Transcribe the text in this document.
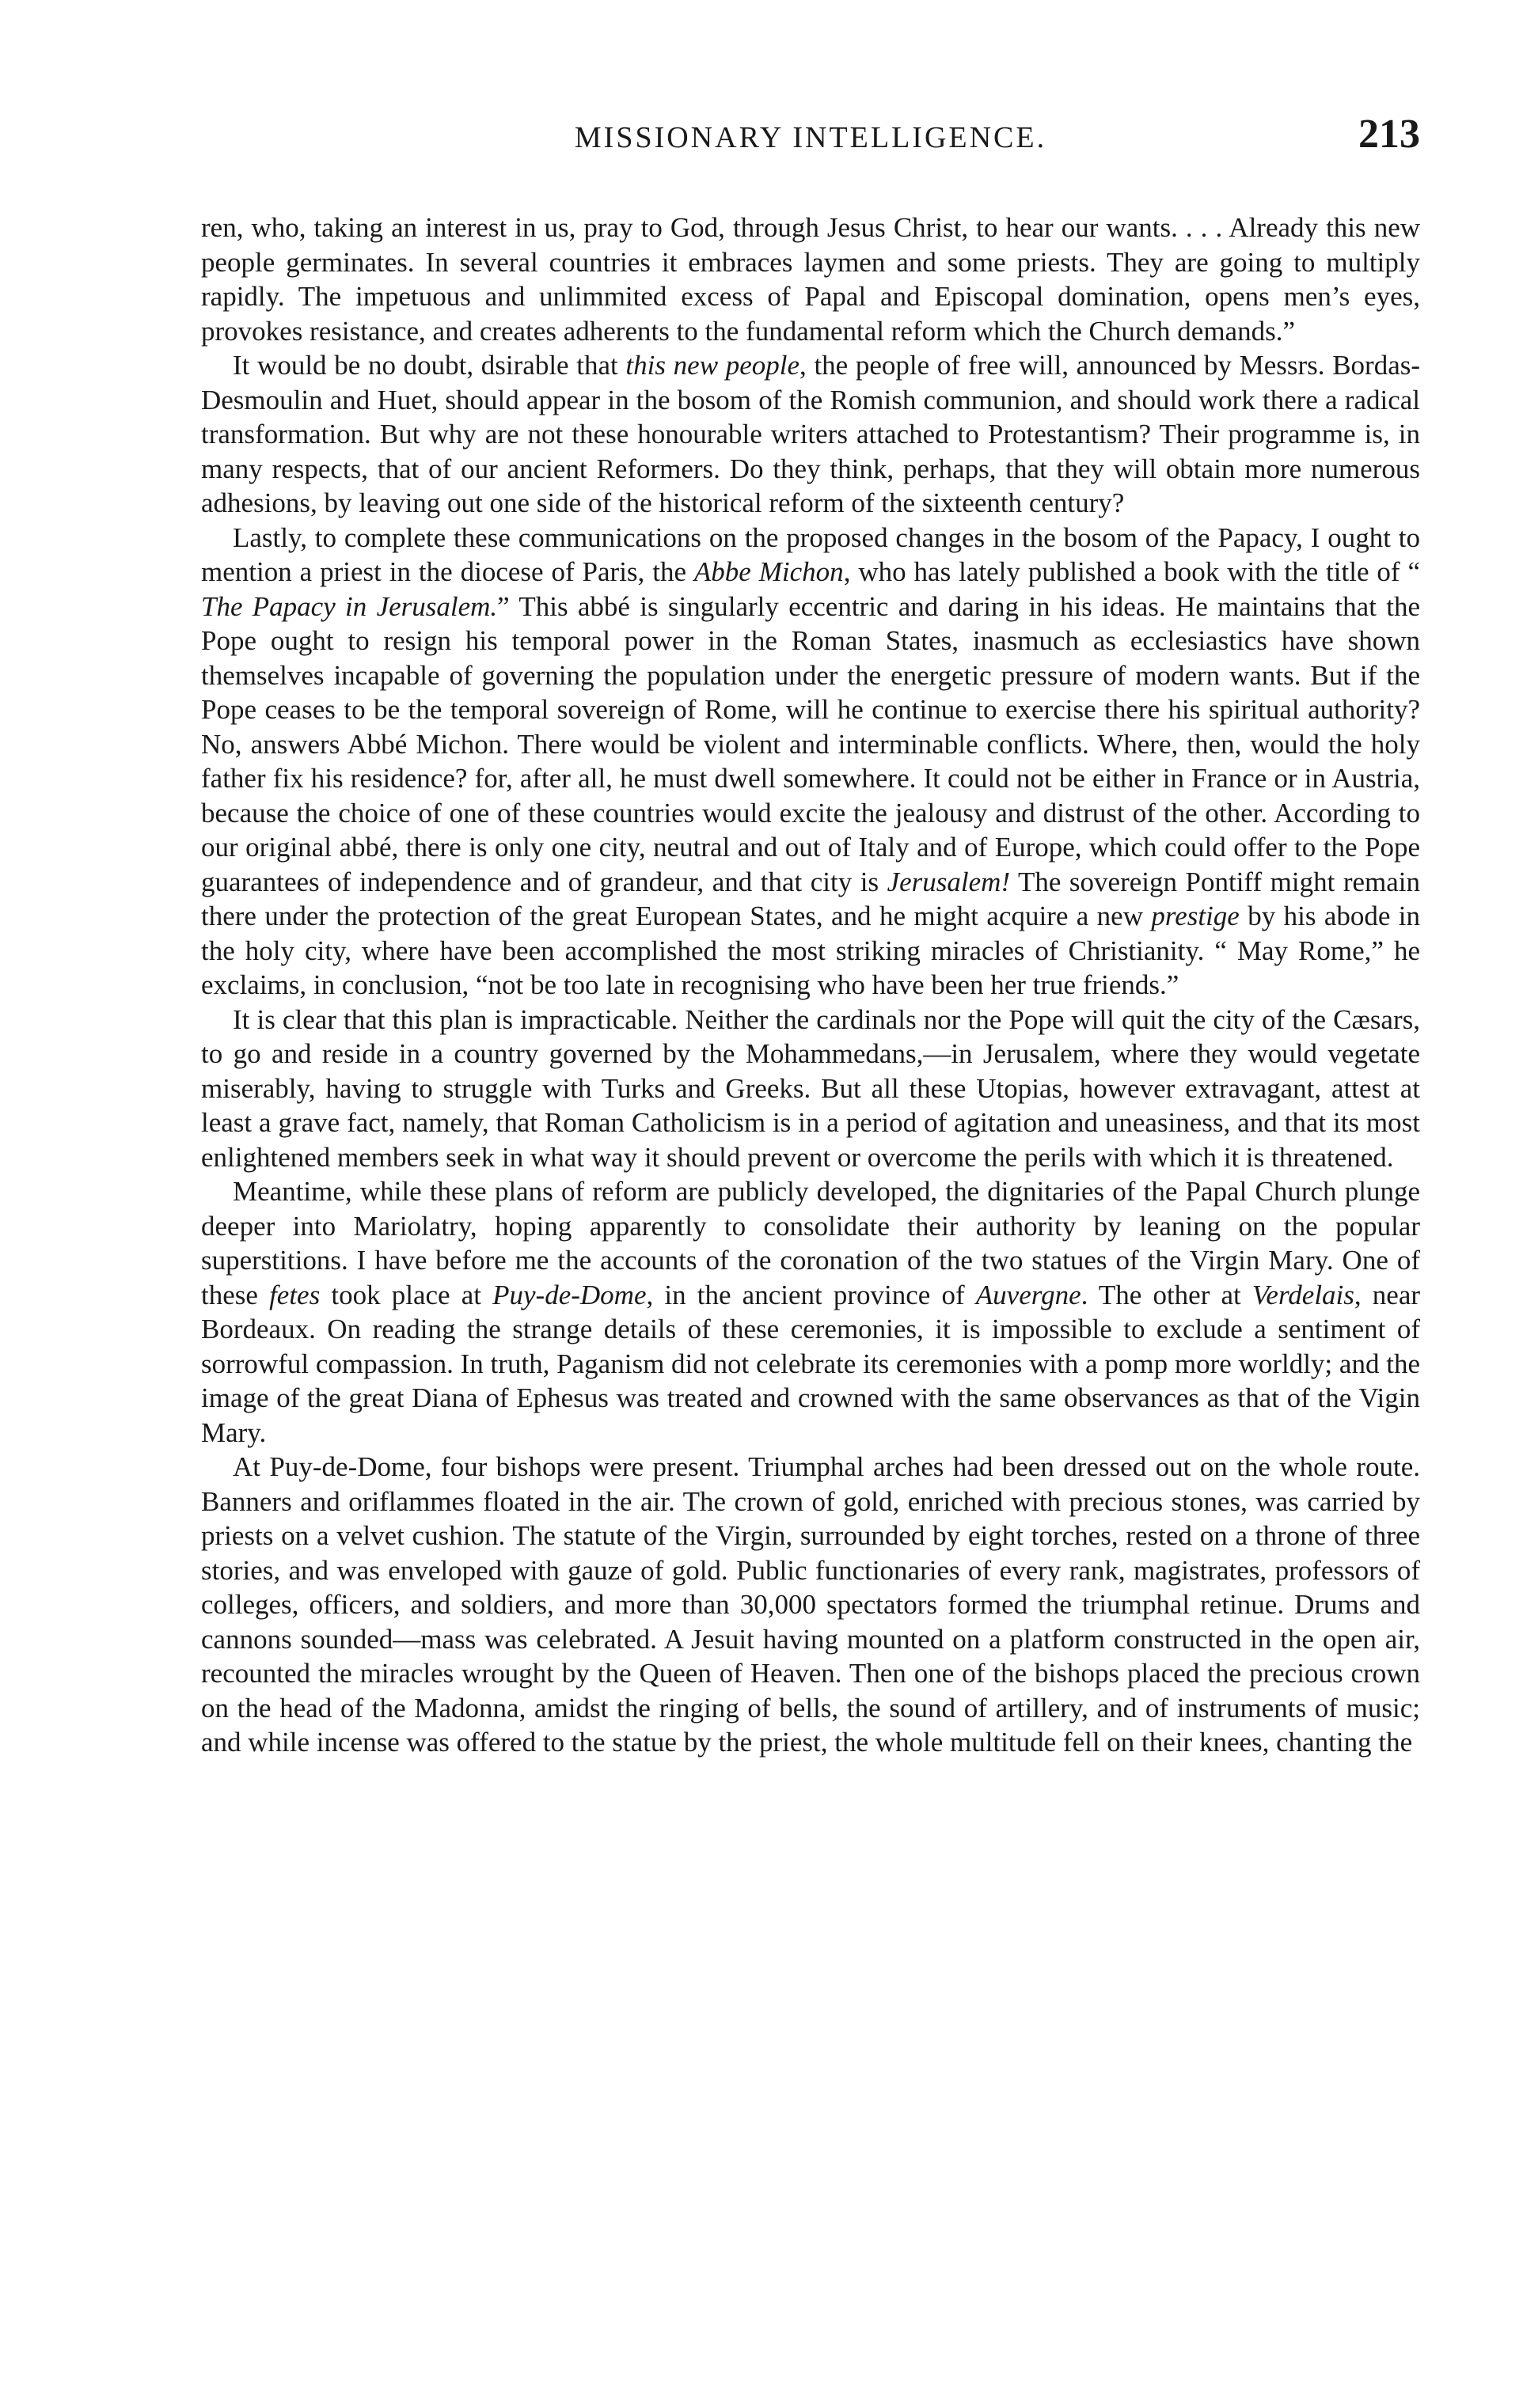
MISSIONARY INTELLIGENCE.	213

ren, who, taking an interest in us, pray to God, through Jesus Christ, to hear our wants. . . . Already this new people germinates. In several countries it embraces laymen and some priests. They are going to multiply rapidly. The impetuous and unlimmited excess of Papal and Episcopal domination, opens men’s eyes, provokes resistance, and creates adherents to the fundamental reform which the Church demands.”

It would be no doubt, dsirable that this new people, the people of free will, announced by Messrs. Bordas-Desmoulin and Huet, should appear in the bosom of the Romish communion, and should work there a radical transformation. But why are not these honourable writers attached to Protestantism? Their programme is, in many respects, that of our ancient Reformers. Do they think, perhaps, that they will obtain more numerous adhesions, by leaving out one side of the historical reform of the sixteenth century?

Lastly, to complete these communications on the proposed changes in the bosom of the Papacy, I ought to mention a priest in the diocese of Paris, the Abbe Michon, who has lately published a book with the title of “ The Papacy in Jerusalem.” This abbé is singularly eccentric and daring in his ideas. He maintains that the Pope ought to resign his temporal power in the Roman States, inasmuch as ecclesiastics have shown themselves incapable of governing the population under the energetic pressure of modern wants. But if the Pope ceases to be the temporal sovereign of Rome, will he continue to exercise there his spiritual authority? No, answers Abbé Michon. There would be violent and interminable conflicts. Where, then, would the holy father fix his residence? for, after all, he must dwell somewhere. It could not be either in France or in Austria, because the choice of one of these countries would excite the jealousy and distrust of the other. According to our original abbé, there is only one city, neutral and out of Italy and of Europe, which could offer to the Pope guarantees of independence and of grandeur, and that city is Jerusalem! The sovereign Pontiff might remain there under the protection of the great European States, and he might acquire a new prestige by his abode in the holy city, where have been accomplished the most striking miracles of Christianity. “ May Rome,” he exclaims, in conclusion, “not be too late in recognising who have been her true friends.”

It is clear that this plan is impracticable. Neither the cardinals nor the Pope will quit the city of the Cæsars, to go and reside in a country governed by the Mohammedans,—in Jerusalem, where they would vegetate miserably, having to struggle with Turks and Greeks. But all these Utopias, however extravagant, attest at least a grave fact, namely, that Roman Catholicism is in a period of agitation and uneasiness, and that its most enlightened members seek in what way it should prevent or overcome the perils with which it is threatened.

Meantime, while these plans of reform are publicly developed, the dignitaries of the Papal Church plunge deeper into Mariolatry, hoping apparently to consolidate their authority by leaning on the popular superstitions. I have before me the accounts of the coronation of the two statues of the Virgin Mary. One of these fetes took place at Puy-de-Dome, in the ancient province of Auvergne. The other at Verdelais, near Bordeaux. On reading the strange details of these ceremonies, it is impossible to exclude a sentiment of sorrowful compassion. In truth, Paganism did not celebrate its ceremonies with a pomp more worldly; and the image of the great Diana of Ephesus was treated and crowned with the same observances as that of the Vigin Mary.

At Puy-de-Dome, four bishops were present. Triumphal arches had been dressed out on the whole route. Banners and oriflammes floated in the air. The crown of gold, enriched with precious stones, was carried by priests on a velvet cushion. The statute of the Virgin, surrounded by eight torches, rested on a throne of three stories, and was enveloped with gauze of gold. Public functionaries of every rank, magistrates, professors of colleges, officers, and soldiers, and more than 30,000 spectators formed the triumphal retinue. Drums and cannons sounded—mass was celebrated. A Jesuit having mounted on a platform constructed in the open air, recounted the miracles wrought by the Queen of Heaven. Then one of the bishops placed the precious crown on the head of the Madonna, amidst the ringing of bells, the sound of artillery, and of instruments of music; and while incense was offered to the statue by the priest, the whole multitude fell on their knees, chanting the
